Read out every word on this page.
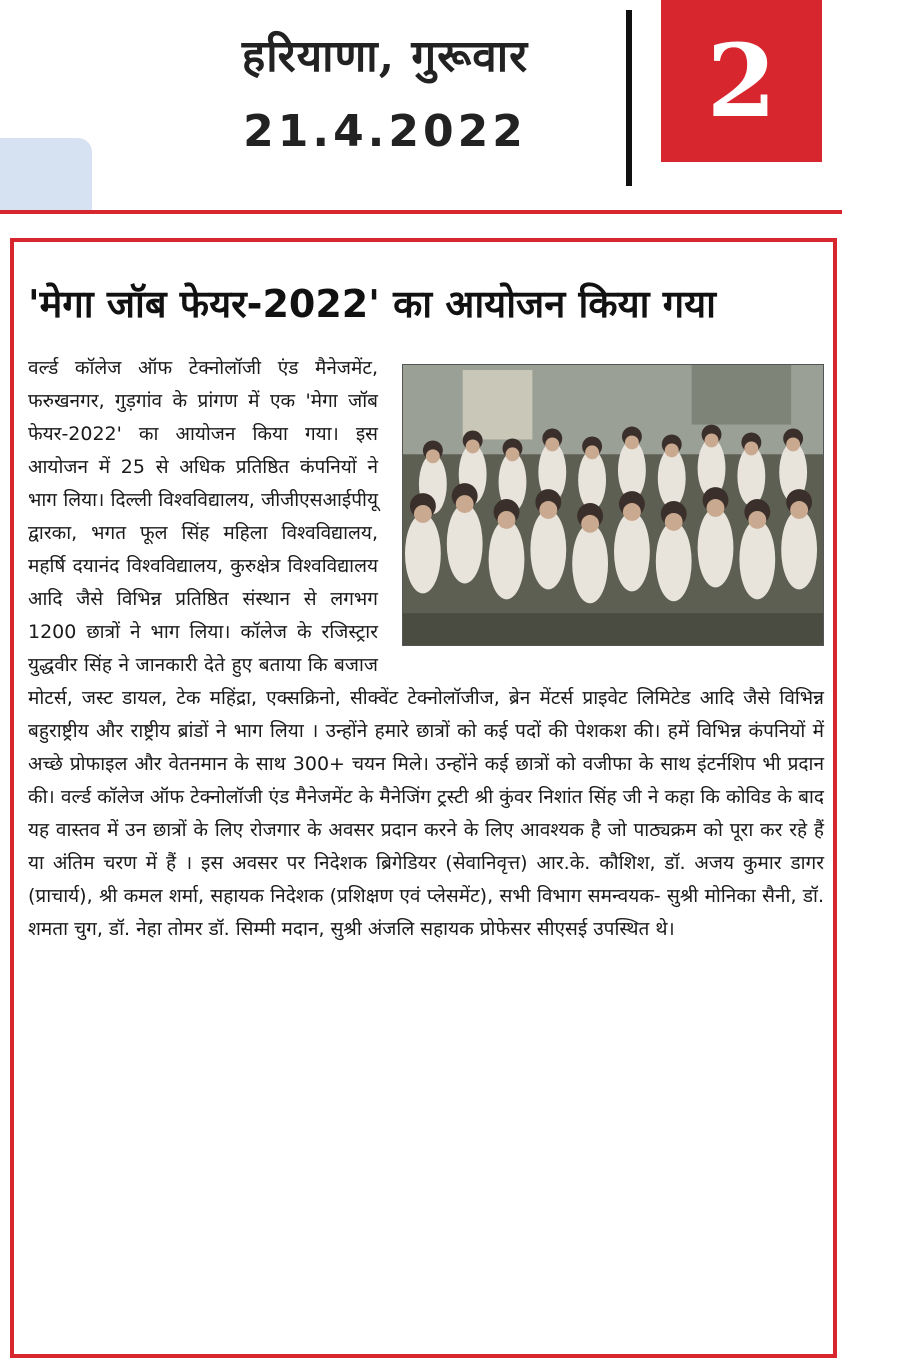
हरियाणा, गुरूवार
21.4.2022	2
'मेगा जॉब फेयर-2022' का आयोजन किया गया
वर्ल्ड कॉलेज ऑफ टेक्नोलॉजी एंड मैनेजमेंट, फरुखनगर, गुड़गांव के प्रांगण में एक 'मेगा जॉब फेयर-2022' का आयोजन किया गया। इस आयोजन में 25 से अधिक प्रतिष्ठित कंपनियों ने भाग लिया। दिल्ली विश्वविद्यालय, जीजीएसआईपीयू द्वारका, भगत फूल सिंह महिला विश्वविद्यालय, महर्षि दयानंद विश्वविद्यालय, कुरुक्षेत्र विश्वविद्यालय आदि जैसे विभिन्न प्रतिष्ठित संस्थान से लगभग 1200 छात्रों ने भाग लिया। कॉलेज के रजिस्ट्रार युद्धवीर सिंह ने जानकारी देते हुए बताया कि बजाज मोटर्स, जस्ट डायल, टेक महिंद्रा, एक्सक्रिनो, सीक्वेंट टेक्नोलॉजीज, ब्रेन मेंटर्स प्राइवेट लिमिटेड आदि जैसे विभिन्न बहुराष्ट्रीय और राष्ट्रीय ब्रांडों ने भाग लिया । उन्होंने हमारे छात्रों को कई पदों की पेशकश की। हमें विभिन्न कंपनियों में अच्छे प्रोफाइल और वेतनमान के साथ 300+ चयन मिले। उन्होंने कई छात्रों को वजीफा के साथ इंटर्नशिप भी प्रदान की। वर्ल्ड कॉलेज ऑफ टेक्नोलॉजी एंड मैनेजमेंट के मैनेजिंग ट्रस्टी श्री कुंवर निशांत सिंह जी ने कहा कि कोविड के बाद यह वास्तव में उन छात्रों के लिए रोजगार के अवसर प्रदान करने के लिए आवश्यक है जो पाठ्यक्रम को पूरा कर रहे हैं या अंतिम चरण में हैं । इस अवसर पर निदेशक ब्रिगेडियर (सेवानिवृत्त) आर.के. कौशिश, डॉ. अजय कुमार डागर (प्राचार्य), श्री कमल शर्मा, सहायक निदेशक (प्रशिक्षण एवं प्लेसमेंट), सभी विभाग समन्वयक- सुश्री मोनिका सैनी, डॉ. शमता चुग, डॉ. नेहा तोमर डॉ. सिम्मी मदान, सुश्री अंजलि सहायक प्रोफेसर सीएसई उपस्थित थे।
